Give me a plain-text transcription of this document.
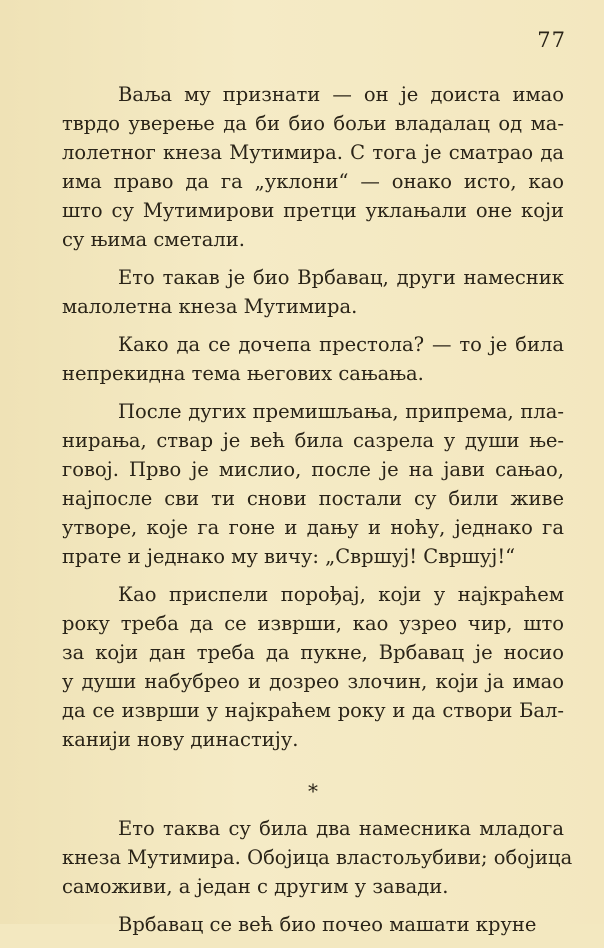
77
Ваља му признати — он је доиста имао
тврдо уверење да би био бољи владалац од ма-
лолетног кнеза Мутимира. С тога је сматрао да
има право да га „уклони“ — онако исто, као
што су Мутимирови претци уклањали оне који
су њима сметали.
Ето такав је био Врбавац, други намесник
малолетна кнеза Мутимира.
Како да се дочепа престола? — то је била
непрекидна тема његових сањања.
После дугих премишљања, припрема, пла-
нирања, ствар је већ била сазрела у души ње-
говој. Прво је мислио, после је на јави сањао,
најпосле сви ти снови постали су били живе
утворе, које га гоне и дању и ноћу, једнако га
прате и једнако му вичу: „Свршуј! Свршуј!“
Као приспели порођај, који у најкраћем
року треба да се изврши, као узрео чир, што
за који дан треба да пукне, Врбавац је носио
у души набубрео и дозрео злочин, који ја имао
да се изврши у најкраћем року и да створи Бал-
канији нову династију.
*
Ето таква су била два намесника младога
кнеза Мутимира. Обојица властољубиви; обојица
саможиви, а један с другим у завади.
Врбавац се већ био почео машати круне
